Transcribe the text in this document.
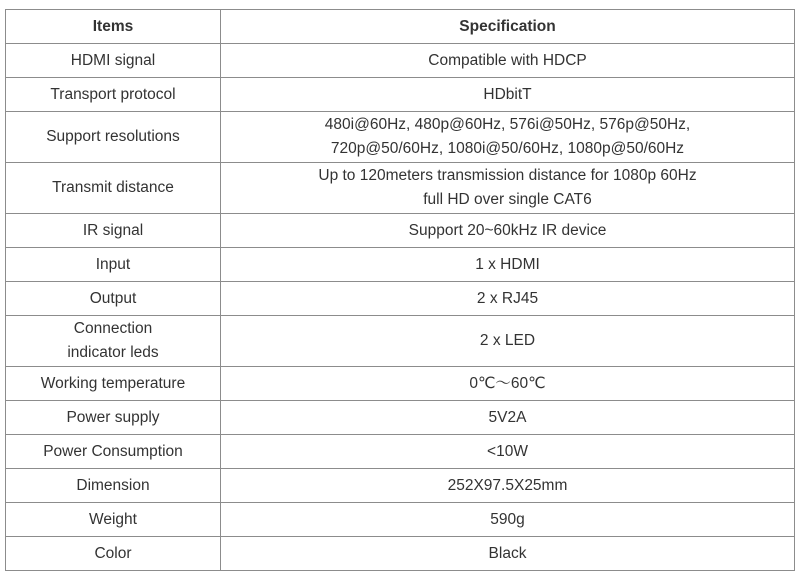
Items	Specification

HDMI signal	Compatible with HDCP

Transport protocol	HDbitT

Support resolutions	480i@60Hz, 480p@60Hz, 576i@50Hz, 576p@50Hz,
720p@50/60Hz, 1080i@50/60Hz, 1080p@50/60Hz

Transmit distance	Up to 120meters transmission distance for 1080p 60Hz
full HD over single CAT6

IR signal	Support 20~60kHz IR device

Input	1 x HDMI

Output	2 x RJ45

Connection
indicator leds	2 x LED

Working temperature	0℃～60℃

Power supply	5V2A

Power Consumption	<10W

Dimension	252X97.5X25mm

Weight	590g

Color	Black
